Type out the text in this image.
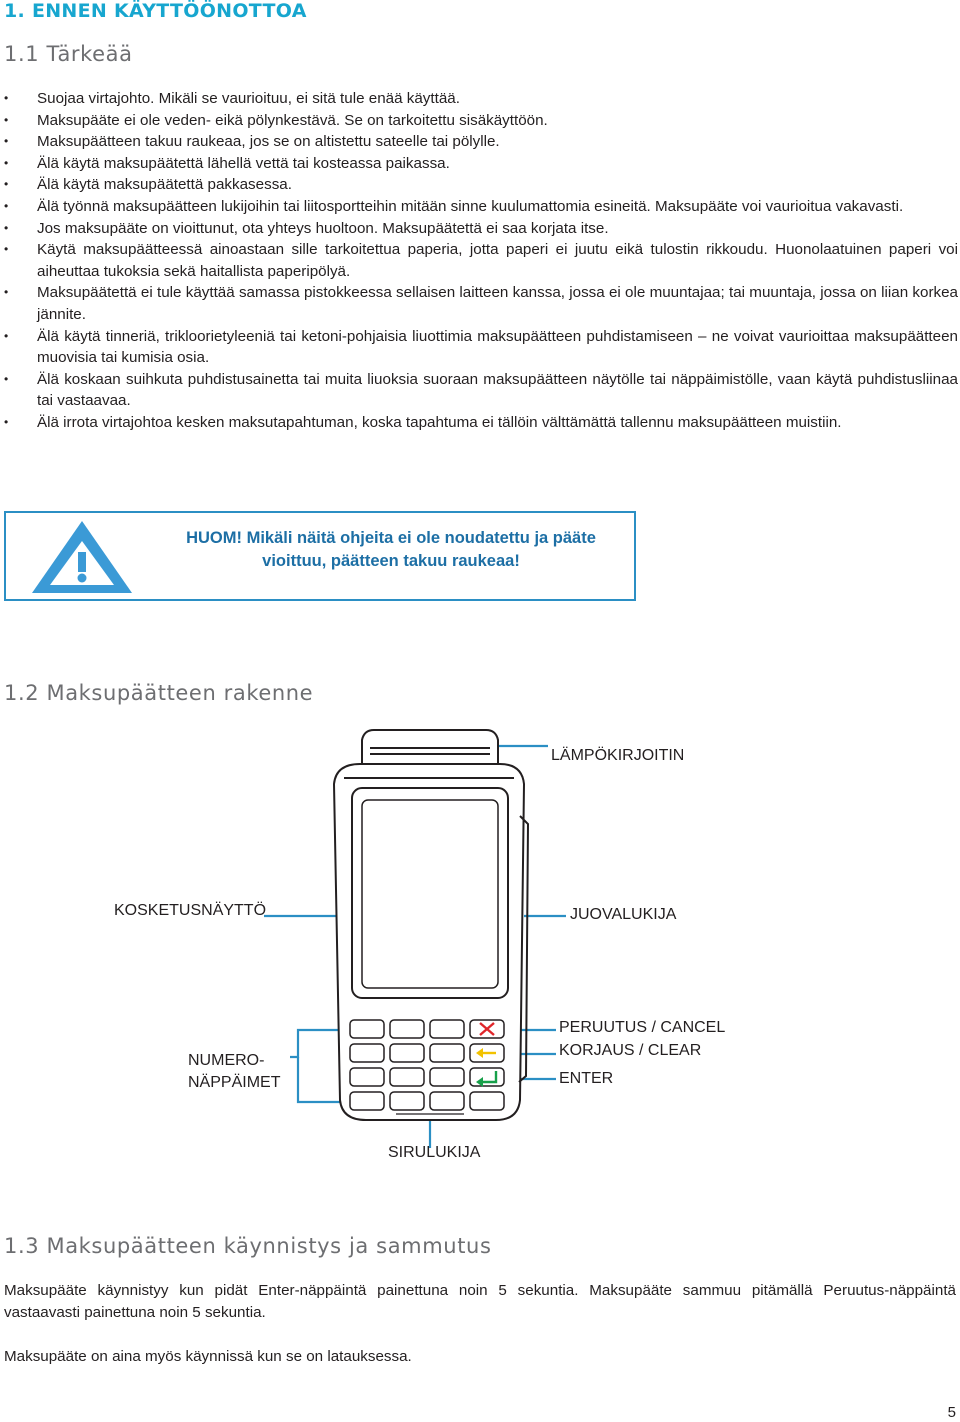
1. ENNEN KÄYTTÖÖNOTTOA
1.1 Tärkeää
• Suojaa virtajohto. Mikäli se vaurioituu, ei sitä tule enää käyttää.
• Maksupääte ei ole veden- eikä pölynkestävä. Se on tarkoitettu sisäkäyttöön.
• Maksupäätteen takuu raukeaa, jos se on altistettu sateelle tai pölylle.
• Älä käytä maksupäätettä lähellä vettä tai kosteassa paikassa.
• Älä käytä maksupäätettä pakkasessa.
• Älä työnnä maksupäätteen lukijoihin tai liitosportteihin mitään sinne kuulumattomia esineitä. Maksupääte voi vaurioitua vakavasti.
• Jos maksupääte on vioittunut, ota yhteys huoltoon. Maksupäätettä ei saa korjata itse.
• Käytä maksupäätteessä ainoastaan sille tarkoitettua paperia, jotta paperi ei juutu eikä tulostin rikkoudu. Huonolaatuinen paperi voi aiheuttaa tukoksia sekä haitallista paperipölyä.
• Maksupäätettä ei tule käyttää samassa pistokkeessa sellaisen laitteen kanssa, jossa ei ole muuntajaa; tai muuntaja, jossa on liian korkea jännite.
• Älä käytä tinneriä, trikloorietyleeniä tai ketoni-pohjaisia liuottimia maksupäätteen puhdistamiseen – ne voivat vaurioittaa maksupäätteen muovisia tai kumisia osia.
• Älä koskaan suihkuta puhdistusainetta tai muita liuoksia suoraan maksupäätteen näytölle tai näppäimistölle, vaan käytä puhdistusliinaa tai vastaavaa.
• Älä irrota virtajohtoa kesken maksutapahtuman, koska tapahtuma ei tällöin välttämättä tallennu maksupäätteen muistiin.
HUOM! Mikäli näitä ohjeita ei ole noudatettu ja pääte
vioittuu, päätteen takuu raukeaa!
1.2 Maksupäätteen rakenne
LÄMPÖKIRJOITIN
KOSKETUSNÄYTTÖ	JUOVALUKIJA
PERUUTUS / CANCEL
KORJAUS / CLEAR
ENTER
NUMERO-
NÄPPÄIMET
SIRULUKIJA
1.3 Maksupäätteen käynnistys ja sammutus

Maksupääte käynnistyy kun pidät Enter-näppäintä painettuna noin 5 sekuntia. Maksupääte sammuu pitämällä Peruutus-näppäintä vastaavasti painettuna noin 5 sekuntia.

Maksupääte on aina myös käynnissä kun se on latauksessa.

5
